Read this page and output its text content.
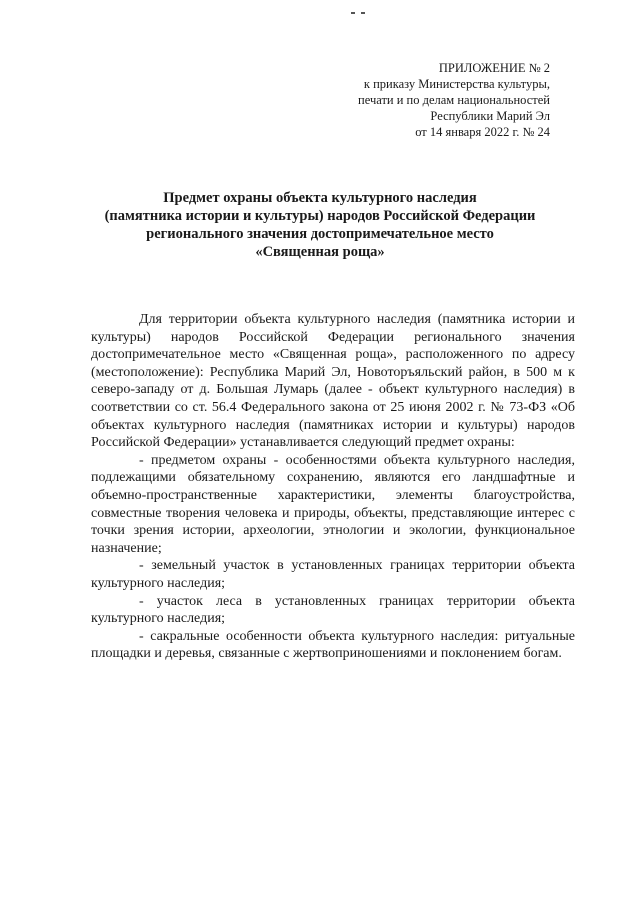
ПРИЛОЖЕНИЕ № 2
к приказу Министерства культуры,
печати и по делам национальностей
Республики Марий Эл
от 14 января 2022 г. № 24
Предмет охраны объекта культурного наследия
(памятника истории и культуры) народов Российской Федерации
регионального значения достопримечательное место
«Священная роща»

Для территории объекта культурного наследия (памятника истории и культуры) народов Российской Федерации регионального значения достопримечательное место «Священная роща», расположенного по адресу (местоположение): Республика Марий Эл, Новоторъяльский район, в 500 м к северо-западу от д. Большая Лумарь (далее - объект культурного наследия) в соответствии со ст. 56.4 Федерального закона от 25 июня 2002 г. № 73-ФЗ «Об объектах культурного наследия (памятниках истории и культуры) народов Российской Федерации» устанавливается следующий предмет охраны:

- предметом охраны - особенностями объекта культурного наследия, подлежащими обязательному сохранению, являются его ландшафтные и объемно-пространственные характеристики, элементы благоустройства, совместные творения человека и природы, объекты, представляющие интерес с точки зрения истории, археологии, этнологии и экологии, функциональное назначение;

- земельный участок в установленных границах территории объекта культурного наследия;

- участок леса в установленных границах территории объекта культурного наследия;

- сакральные особенности объекта культурного наследия: ритуальные площадки и деревья, связанные с жертвоприношениями и поклонением богам.
